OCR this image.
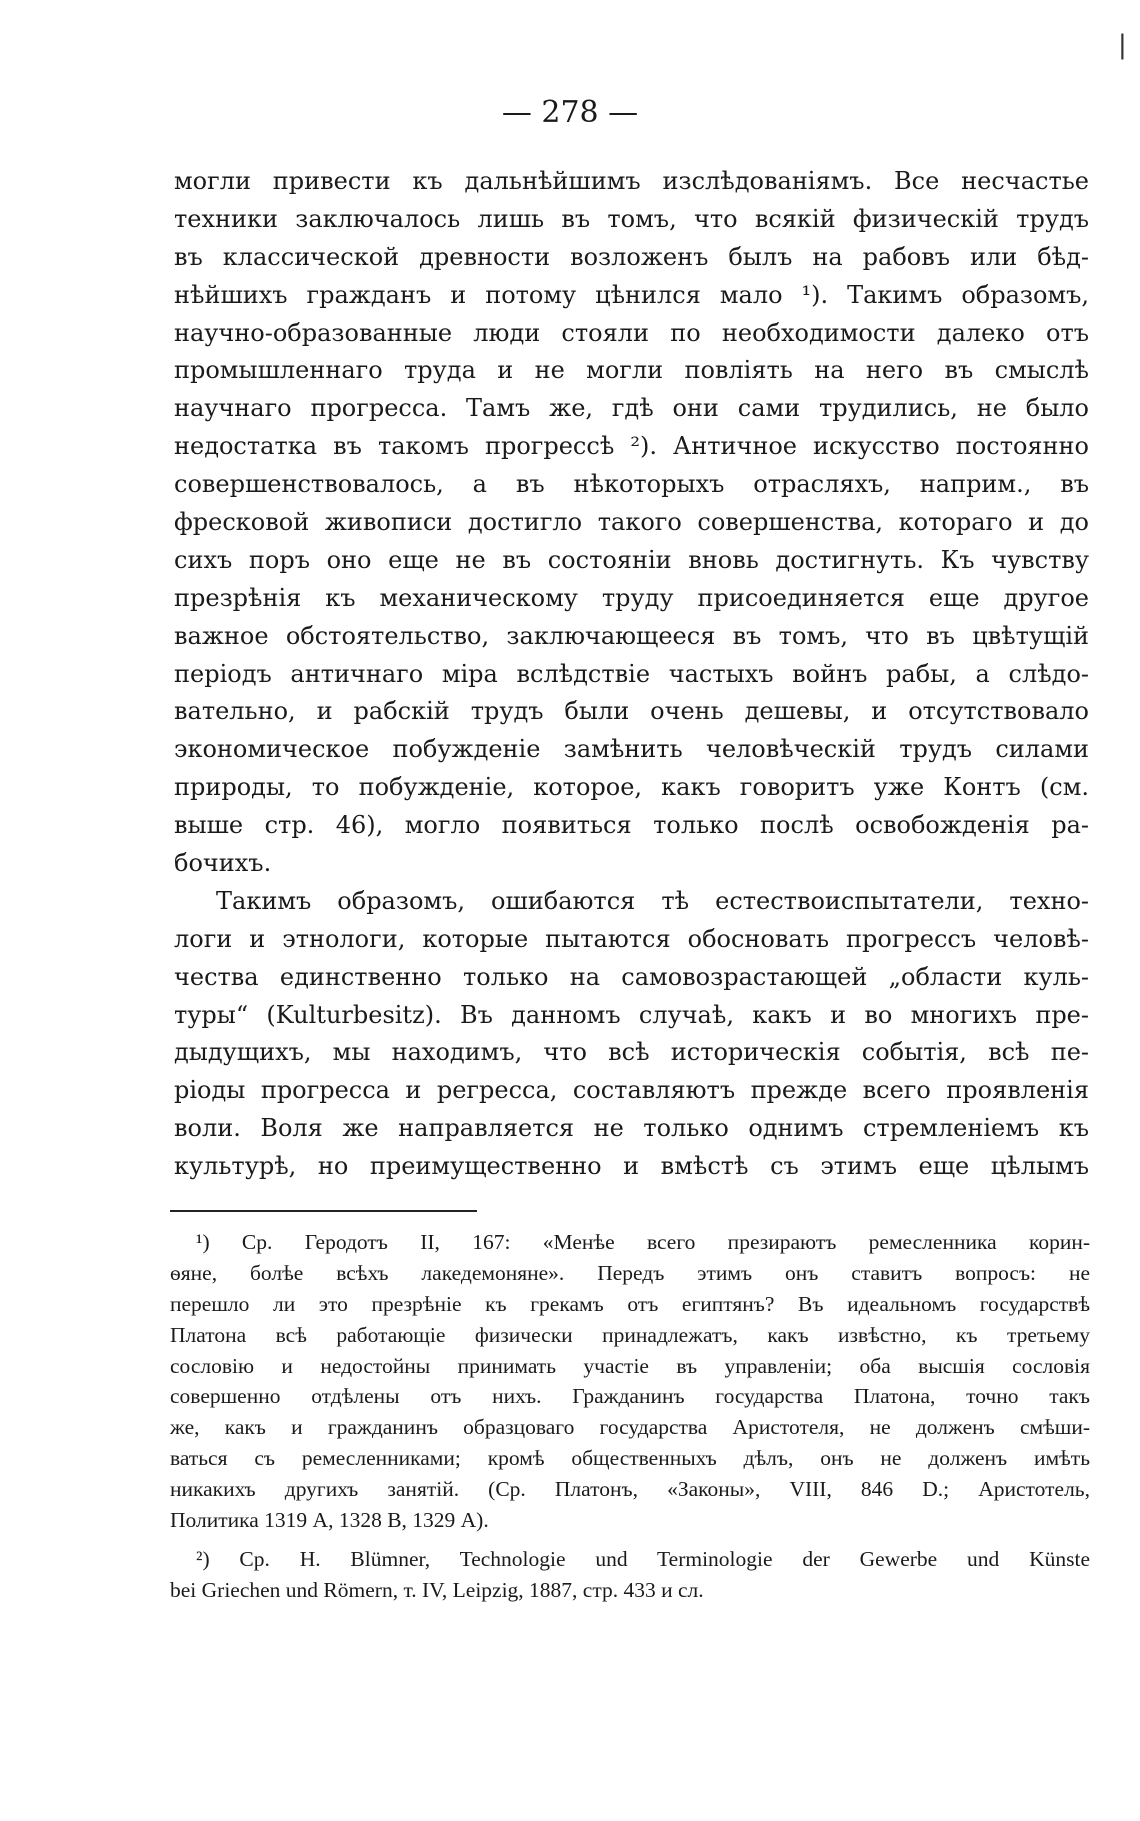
|
— 278 —
могли привести къ дальнѣйшимъ изслѣдованіямъ. Все несчастье
техники заключалось лишь въ томъ, что всякій физическій трудъ
въ классической древности возложенъ былъ на рабовъ или бѣд-
нѣйшихъ гражданъ и потому цѣнился мало ¹). Такимъ образомъ,
научно-образованные люди стояли по необходимости далеко отъ
промышленнаго труда и не могли повліять на него въ смыслѣ
научнаго прогресса. Тамъ же, гдѣ они сами трудились, не было
недостатка въ такомъ прогрессѣ ²). Античное искусство постоянно
совершенствовалось, а въ нѣкоторыхъ отрасляхъ, наприм., въ
фресковой живописи достигло такого совершенства, котораго и до
сихъ поръ оно еще не въ состояніи вновь достигнуть. Къ чувству
презрѣнія къ механическому труду присоединяется еще другое
важное обстоятельство, заключающееся въ томъ, что въ цвѣтущій
періодъ античнаго міра вслѣдствіе частыхъ войнъ рабы, а слѣдо-
вательно, и рабскій трудъ были очень дешевы, и отсутствовало
экономическое побужденіе замѣнить человѣческій трудъ силами
природы, то побужденіе, которое, какъ говоритъ уже Контъ (см.
выше стр. 46), могло появиться только послѣ освобожденія ра-
бочихъ.
Такимъ образомъ, ошибаются тѣ естествоиспытатели, техно-
логи и этнологи, которые пытаются обосновать прогрессъ человѣ-
чества единственно только на самовозрастающей „области куль-
туры“ (Kulturbesitz). Въ данномъ случаѣ, какъ и во многихъ пре-
дыдущихъ, мы находимъ, что всѣ историческія событія, всѣ пе-
ріоды прогресса и регресса, составляютъ прежде всего проявленія
воли. Воля же направляется не только однимъ стремленіемъ къ
культурѣ, но преимущественно и вмѣстѣ съ этимъ еще цѣлымъ
¹) Ср. Геродотъ II, 167: «Менѣе всего презираютъ ремесленника корин-
ѳяне, болѣе всѣхъ лакедемоняне». Передъ этимъ онъ ставитъ вопросъ: не
перешло ли это презрѣніе къ грекамъ отъ египтянъ? Въ идеальномъ государствѣ
Платона всѣ работающіе физически принадлежатъ, какъ извѣстно, къ третьему
сословію и недостойны принимать участіе въ управленіи; оба высшія сословія
совершенно отдѣлены отъ нихъ. Гражданинъ государства Платона, точно такъ
же, какъ и гражданинъ образцоваго государства Аристотеля, не долженъ смѣши-
ваться съ ремесленниками; кромѣ общественныхъ дѣлъ, онъ не долженъ имѣть
никакихъ другихъ занятій. (Ср. Платонъ, «Законы», VIII, 846 D.; Аристотель,
Политика 1319 А, 1328 В, 1329 А).
²) Ср. H. Blümner, Technologie und Terminologie der Gewerbe und Künste
bei Griechen und Römern, т. IV, Leipzig, 1887, стр. 433 и сл.
